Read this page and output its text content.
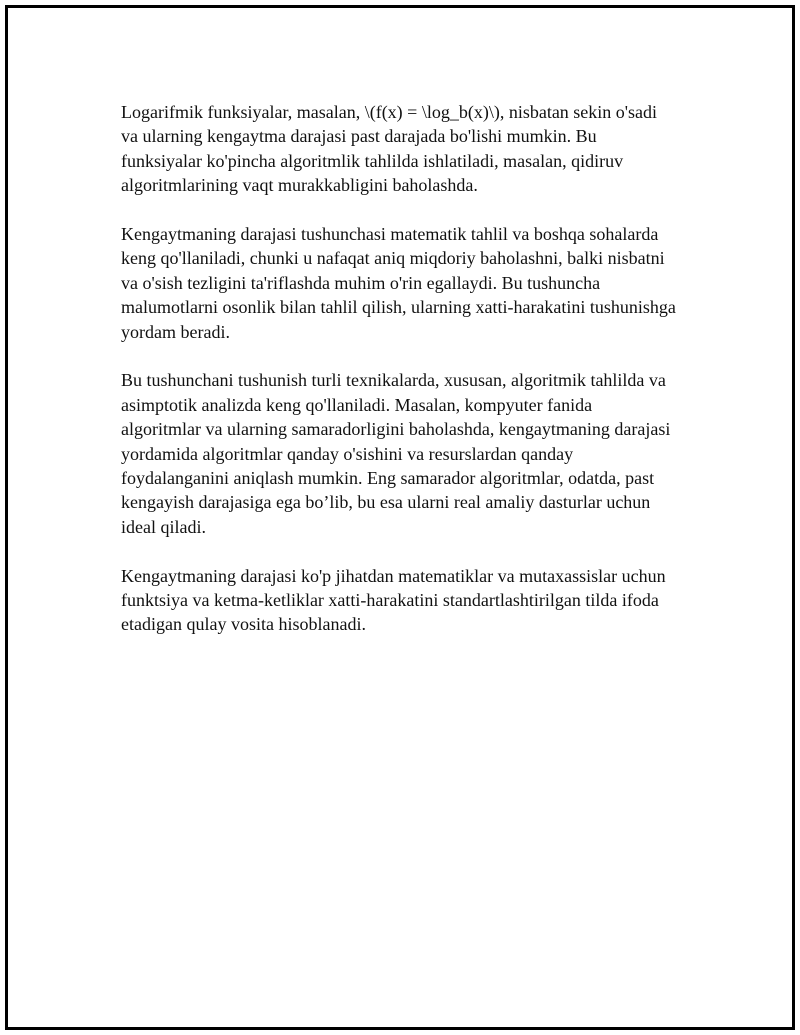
Logarifmik funksiyalar, masalan, \(f(x) = \log_b(x)\), nisbatan sekin o'sadi
va ularning kengaytma darajasi past darajada bo'lishi mumkin. Bu
funksiyalar ko'pincha algoritmlik tahlilda ishlatiladi, masalan, qidiruv
algoritmlarining vaqt murakkabligini baholashda.

Kengaytmaning darajasi tushunchasi matematik tahlil va boshqa sohalarda
keng qo'llaniladi, chunki u nafaqat aniq miqdoriy baholashni, balki nisbatni
va o'sish tezligini ta'riflashda muhim o'rin egallaydi. Bu tushuncha
malumotlarni osonlik bilan tahlil qilish, ularning xatti-harakatini tushunishga
yordam beradi.

Bu tushunchani tushunish turli texnikalarda, xususan, algoritmik tahlilda va
asimptotik analizda keng qo'llaniladi. Masalan, kompyuter fanida
algoritmlar va ularning samaradorligini baholashda, kengaytmaning darajasi
yordamida algoritmlar qanday o'sishini va resurslardan qanday
foydalanganini aniqlash mumkin. Eng samarador algoritmlar, odatda, past
kengayish darajasiga ega bo’lib, bu esa ularni real amaliy dasturlar uchun
ideal qiladi.

Kengaytmaning darajasi ko'p jihatdan matematiklar va mutaxassislar uchun
funktsiya va ketma-ketliklar xatti-harakatini standartlashtirilgan tilda ifoda
etadigan qulay vosita hisoblanadi.
